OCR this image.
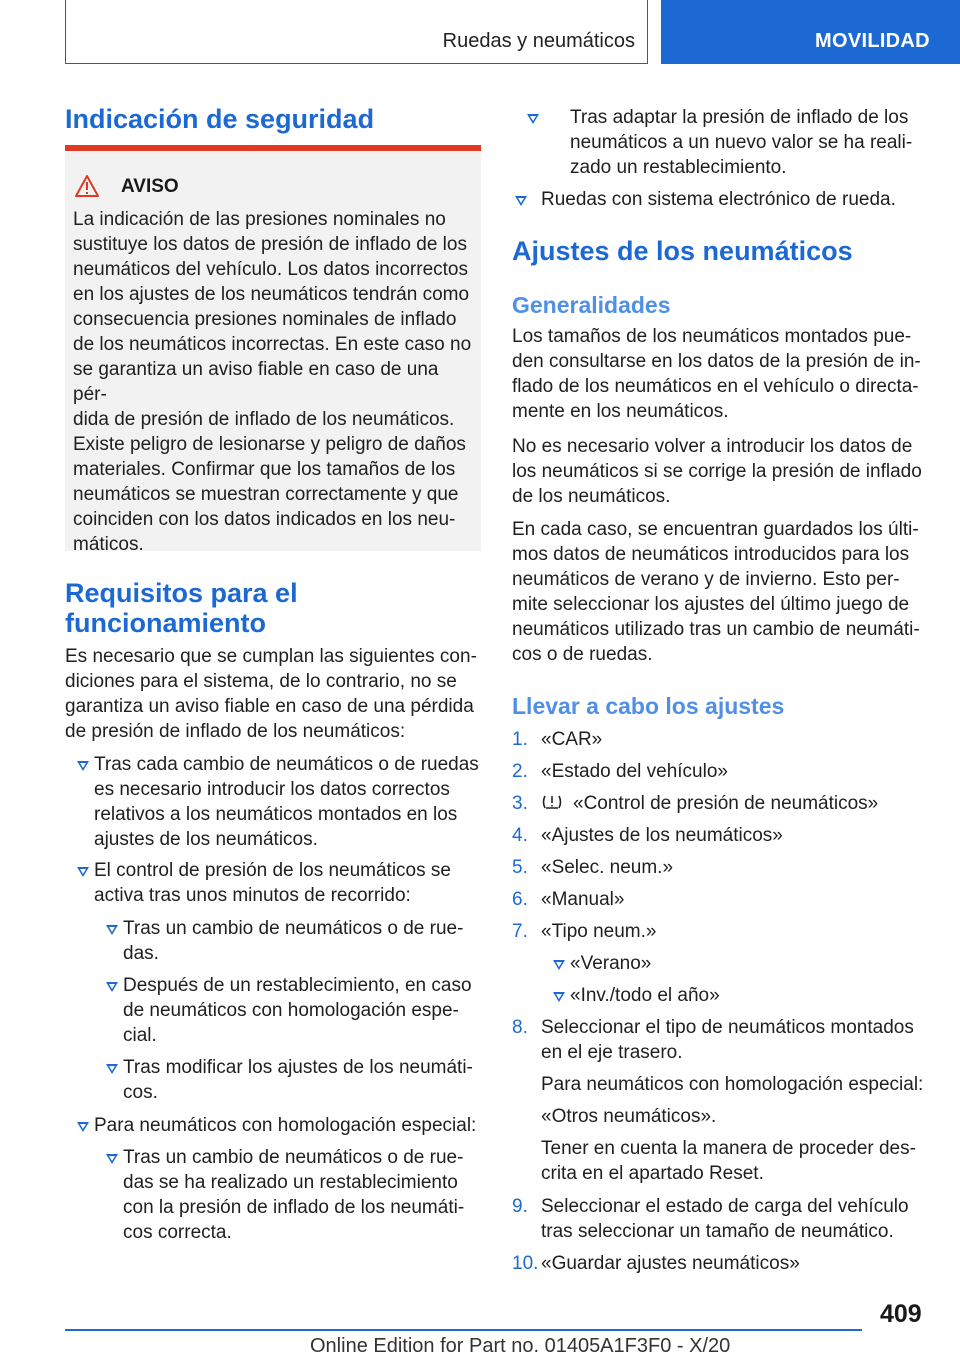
Ruedas y neumáticos	MOVILIDAD
Indicación de seguridad
AVISO

La indicación de las presiones nominales no

sustituye los datos de presión de inflado de los

neumáticos del vehículo. Los datos incorrectos

en los ajustes de los neumáticos tendrán como

consecuencia presiones nominales de inflado

de los neumáticos incorrectas. En este caso no

se garantiza un aviso fiable en caso de una pér‐

dida de presión de inflado de los neumáticos.

Existe peligro de lesionarse y peligro de daños

materiales. Confirmar que los tamaños de los

neumáticos se muestran correctamente y que

coinciden con los datos indicados en los neu‐

máticos.

Requisitos para el
funcionamiento

Es necesario que se cumplan las siguientes con‐

diciones para el sistema, de lo contrario, no se

garantiza un aviso fiable en caso de una pérdida

de presión de inflado de los neumáticos:

Tras cada cambio de neumáticos o de ruedas

es necesario introducir los datos correctos

relativos a los neumáticos montados en los

ajustes de los neumáticos.

El control de presión de los neumáticos se

activa tras unos minutos de recorrido:

Tras un cambio de neumáticos o de rue‐

das.

Después de un restablecimiento, en caso

de neumáticos con homologación espe‐

cial.

Tras modificar los ajustes de los neumáti‐

cos.

Para neumáticos con homologación especial:

Tras un cambio de neumáticos o de rue‐

das se ha realizado un restablecimiento

con la presión de inflado de los neumáti‐

cos correcta.

Tras adaptar la presión de inflado de los

neumáticos a un nuevo valor se ha reali‐

zado un restablecimiento.

Ruedas con sistema electrónico de rueda.

Ajustes de los neumáticos
Generalidades

Los tamaños de los neumáticos montados pue‐

den consultarse en los datos de la presión de in‐

flado de los neumáticos en el vehículo o directa‐

mente en los neumáticos.

No es necesario volver a introducir los datos de

los neumáticos si se corrige la presión de inflado

de los neumáticos.

En cada caso, se encuentran guardados los últi‐

mos datos de neumáticos introducidos para los

neumáticos de verano y de invierno. Esto per‐

mite seleccionar los ajustes del último juego de

neumáticos utilizado tras un cambio de neumáti‐

cos o de ruedas.

Llevar a cabo los ajustes
1. «CAR»

2. «Estado del vehículo»

3.	«Control de presión de neumáticos»

4. «Ajustes de los neumáticos»

5. «Selec. neum.»

6. «Manual»

7. «Tipo neum.»

«Verano»

«Inv./todo el año»

8. Seleccionar el tipo de neumáticos montados

en el eje trasero.

Para neumáticos con homologación especial:

«Otros neumáticos».

Tener en cuenta la manera de proceder des‐

crita en el apartado Reset.

9. Seleccionar el estado de carga del vehículo

tras seleccionar un tamaño de neumático.

10. «Guardar ajustes neumáticos»

409
Online Edition for Part no. 01405A1F3F0 - X/20
